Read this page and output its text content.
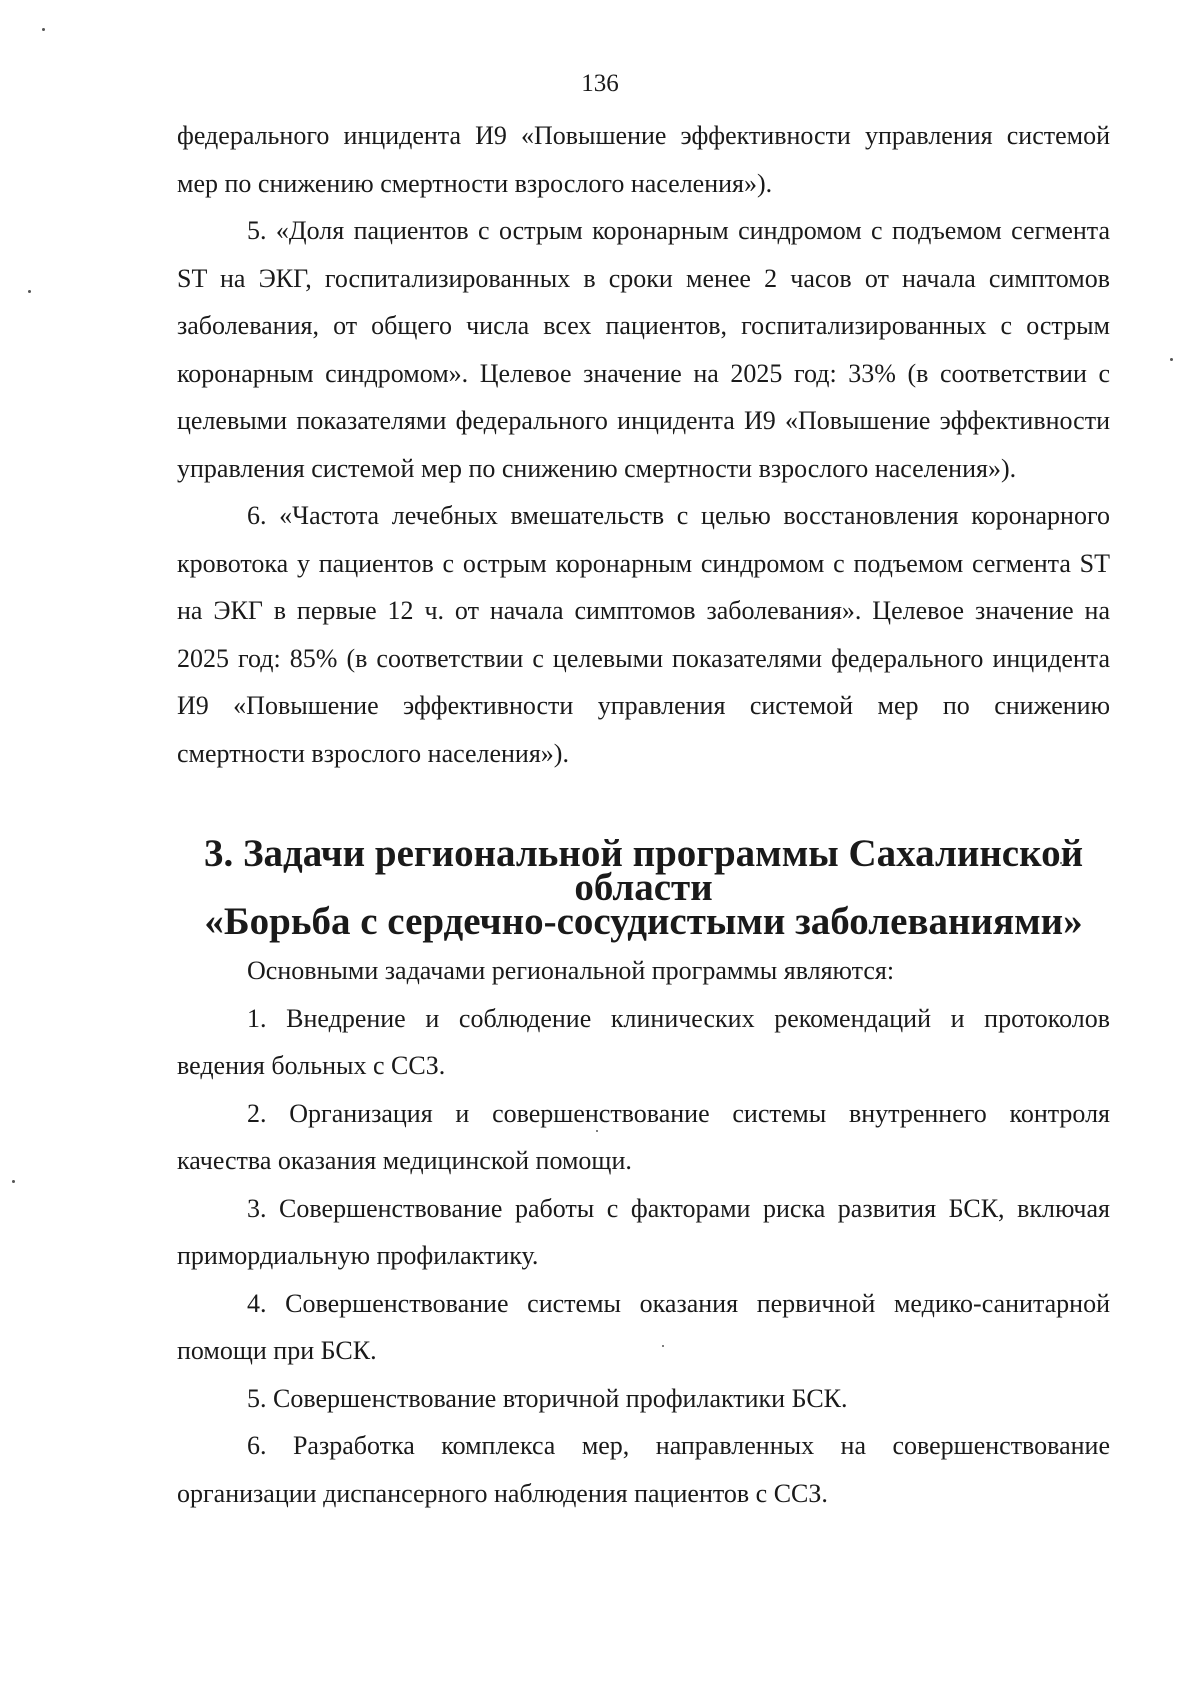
136

федерального инцидента И9 «Повышение эффективности управления системой мер по снижению смертности взрослого населения»).

5. «Доля пациентов с острым коронарным синдромом с подъемом сегмента ST на ЭКГ, госпитализированных в сроки менее 2 часов от начала симптомов заболевания, от общего числа всех пациентов, госпитализированных с острым коронарным синдромом». Целевое значение на 2025 год: 33% (в соответствии с целевыми показателями федерального инцидента И9 «Повышение эффективности управления системой мер по снижению смертности взрослого населения»).

6. «Частота лечебных вмешательств с целью восстановления коронарного кровотока у пациентов с острым коронарным синдромом с подъемом сегмента ST на ЭКГ в первые 12 ч. от начала симптомов заболевания». Целевое значение на 2025 год: 85% (в соответствии с целевыми показателями федерального инцидента И9 «Повышение эффективности управления системой мер по снижению смертности взрослого населения»).

3. Задачи региональной программы Сахалинской области
«Борьба с сердечно-сосудистыми заболеваниями»

Основными задачами региональной программы являются:

1. Внедрение и соблюдение клинических рекомендаций и протоколов ведения больных с ССЗ.

2. Организация и совершенствование системы внутреннего контроля качества оказания медицинской помощи.

3. Совершенствование работы с факторами риска развития БСК, включая примордиальную профилактику.

4. Совершенствование системы оказания первичной медико-санитарной помощи при БСК.

5. Совершенствование вторичной профилактики БСК.

6. Разработка комплекса мер, направленных на совершенствование организации диспансерного наблюдения пациентов с ССЗ.
